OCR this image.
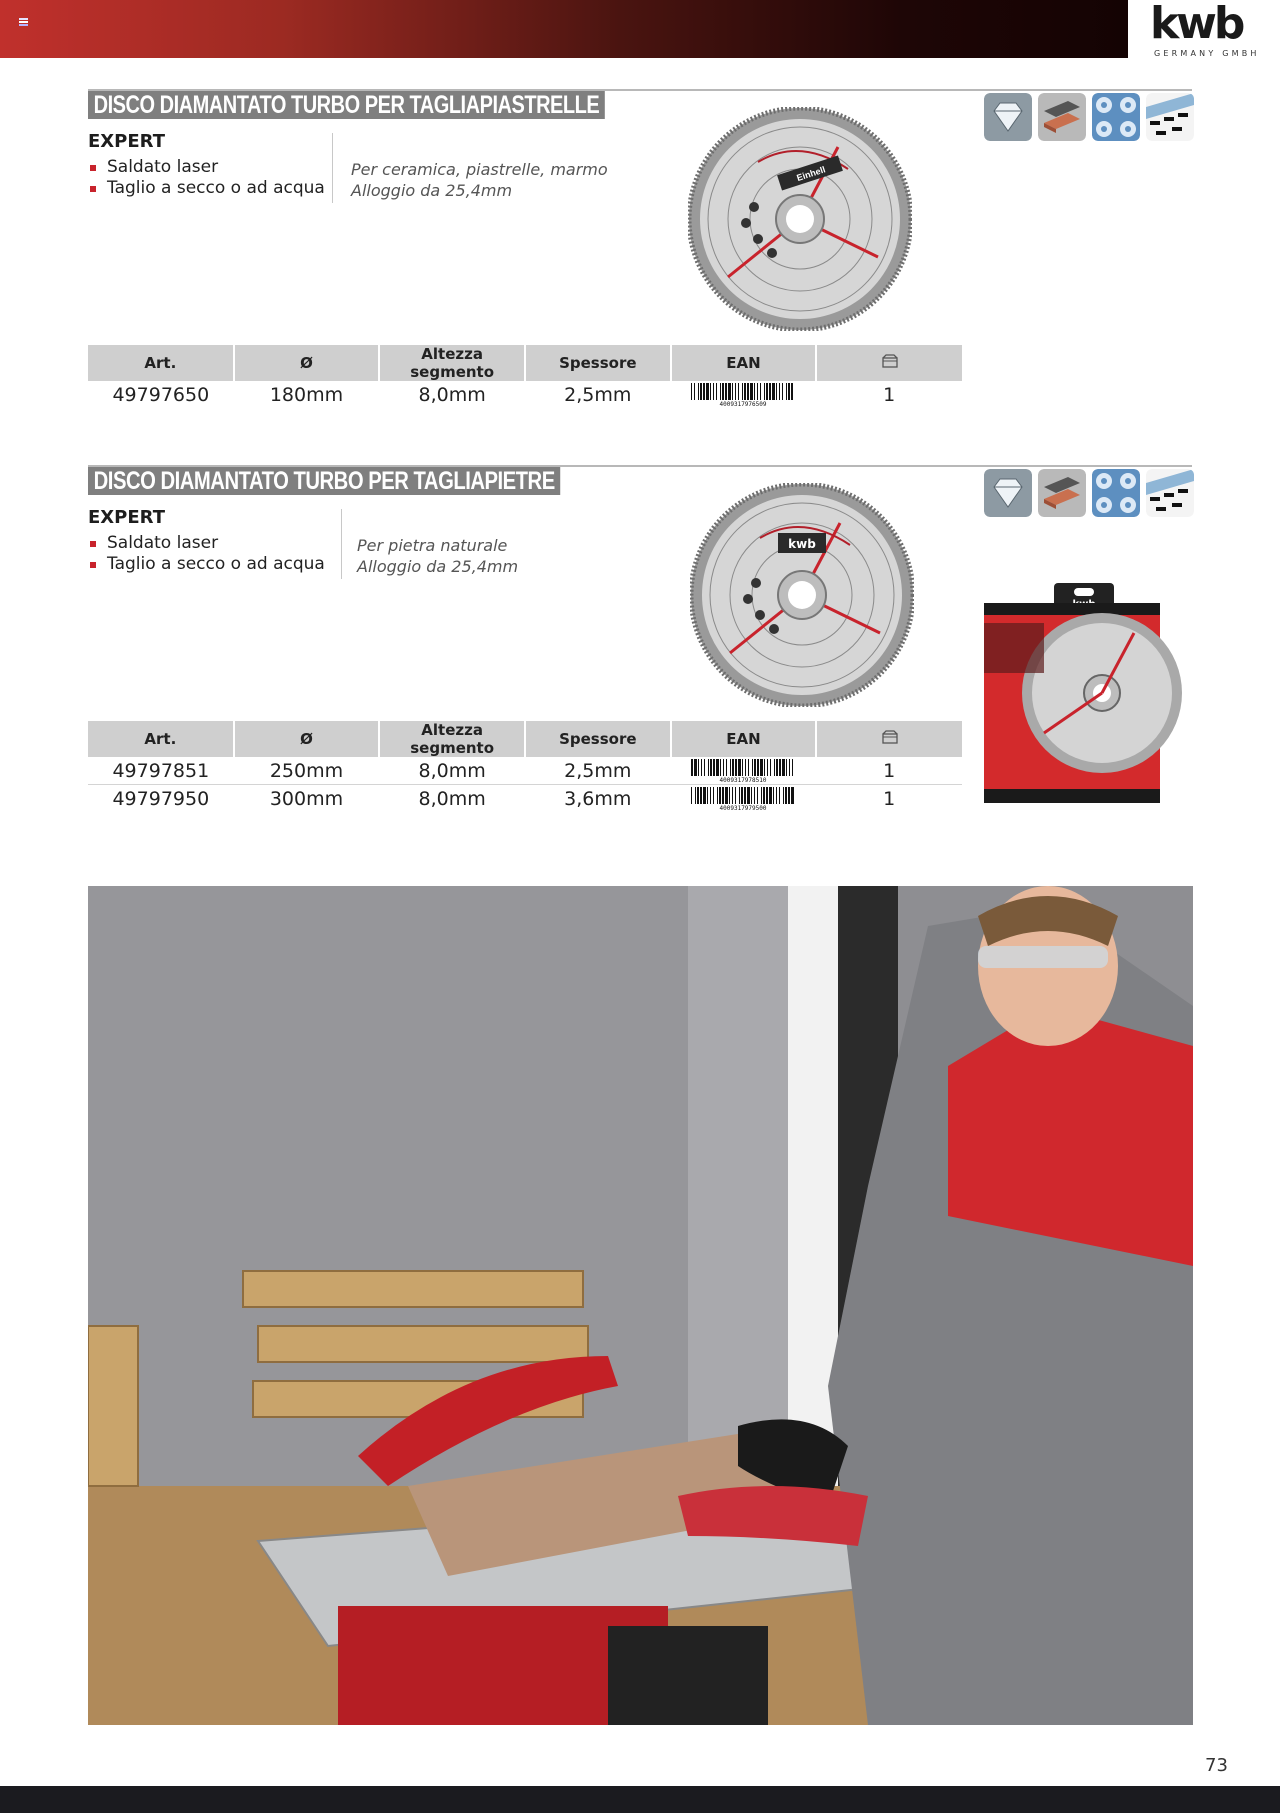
kwb
GERMANY GMBH
DISCO DIAMANTATO TURBO PER TAGLIAPIASTRELLE
EXPERT
Saldato laser
Taglio a secco o ad acqua
Per ceramica, piastrelle, marmo
Alloggio da 25,4mm
Einhell
Art.	Ø	Altezza segmento	Spessore	EAN	
49797650	180mm	8,0mm	2,5mm	4009317976509	1
DISCO DIAMANTATO TURBO PER TAGLIAPIETRE
EXPERT
Saldato laser
Taglio a secco o ad acqua
Per pietra naturale
Alloggio da 25,4mm
kwb
Art.	Ø	Altezza segmento	Spessore	EAN	
49797851	250mm	8,0mm	2,5mm	4009317978510	1
49797950	300mm	8,0mm	3,6mm	4009317979500	1
73
